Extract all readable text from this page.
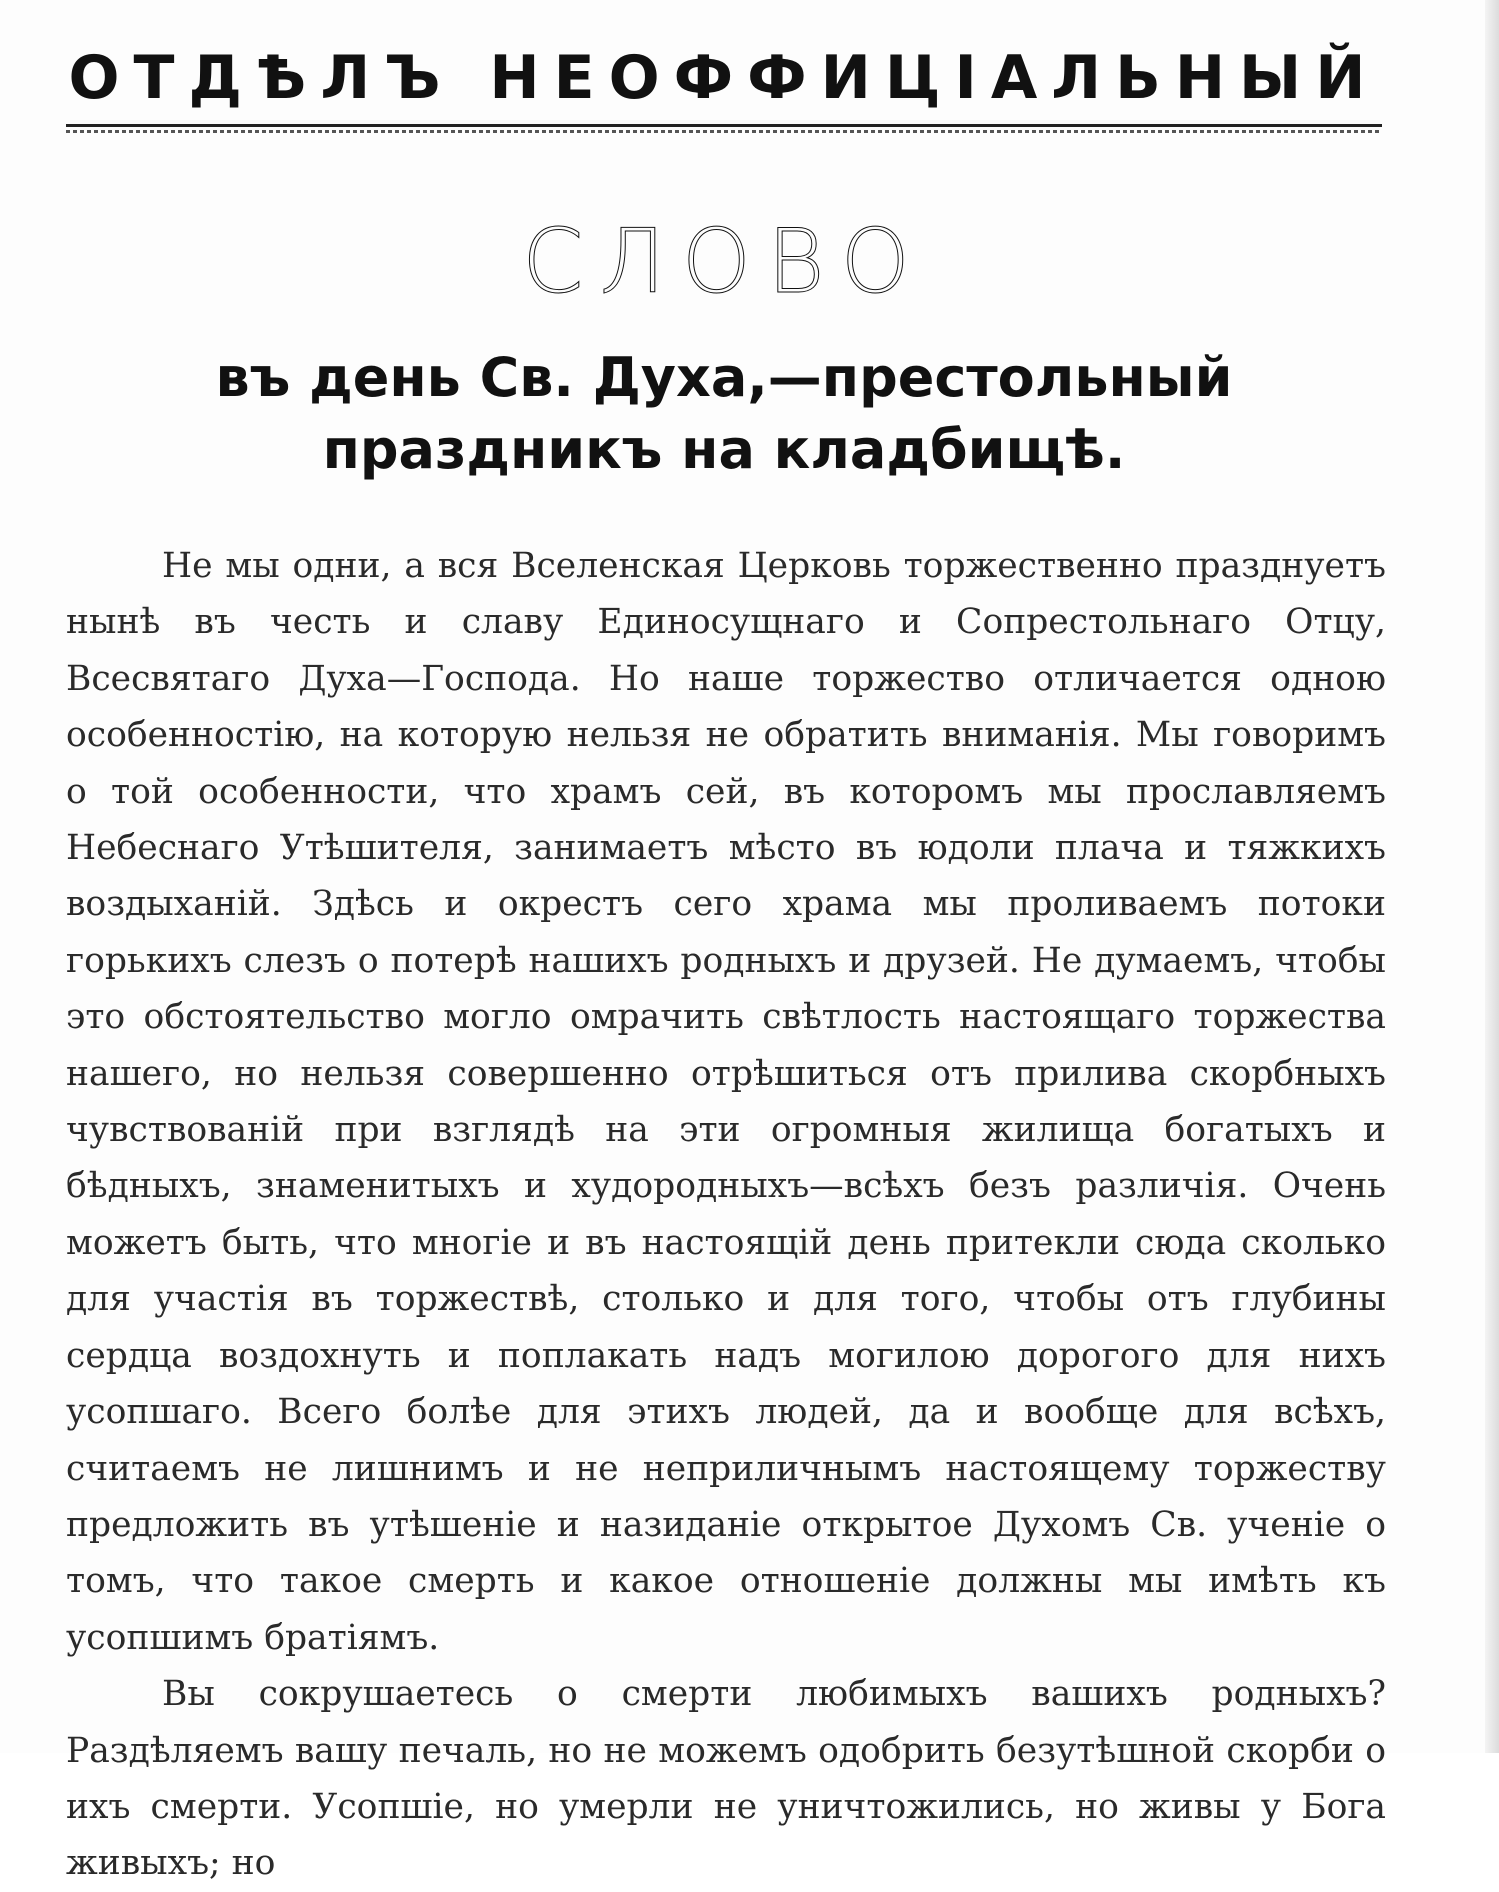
ОТДѢЛЪ НЕОФФИЦІАЛЬНЫЙ
СЛОВО
въ день Св. Духа,—престольный праздникъ на кладбищѣ.

Не мы одни, а вся Вселенская Церковь торжественно празднуетъ нынѣ въ честь и славу Единосущнаго и Сопрестольнаго Отцу, Всесвятаго Духа—Господа. Но наше торжество отличается одною особенностію, на которую нельзя не обратить вниманія. Мы говоримъ о той особенности, что храмъ сей, въ которомъ мы прославляемъ Небеснаго Утѣшителя, занимаетъ мѣсто въ юдоли плача и тяжкихъ воздыханій. Здѣсь и окрестъ сего храма мы проливаемъ потоки горькихъ слезъ о потерѣ нашихъ родныхъ и друзей. Не думаемъ, чтобы это обстоятельство могло омрачить свѣтлость настоящаго торжества нашего, но нельзя совершенно отрѣшиться отъ прилива скорбныхъ чувствованій при взглядѣ на эти огромныя жилища богатыхъ и бѣдныхъ, знаменитыхъ и худородныхъ—всѣхъ безъ различія. Очень можетъ быть, что многіе и въ настоящій день притекли сюда сколько для участія въ торжествѣ, столько и для того, чтобы отъ глубины сердца воздохнуть и поплакать надъ могилою дорогого для нихъ усопшаго. Всего болѣе для этихъ людей, да и вообще для всѣхъ, считаемъ не лишнимъ и не неприличнымъ настоящему торжеству предложить въ утѣшеніе и назиданіе открытое Духомъ Св. ученіе о томъ, что такое смерть и какое отношеніе должны мы имѣть къ усопшимъ братіямъ.

Вы сокрушаетесь о смерти любимыхъ вашихъ родныхъ? Раздѣляемъ вашу печаль, но не можемъ одобрить безутѣшной скорби о ихъ смерти. Усопшіе, но умерли не уничтожились, но живы у Бога живыхъ; но
